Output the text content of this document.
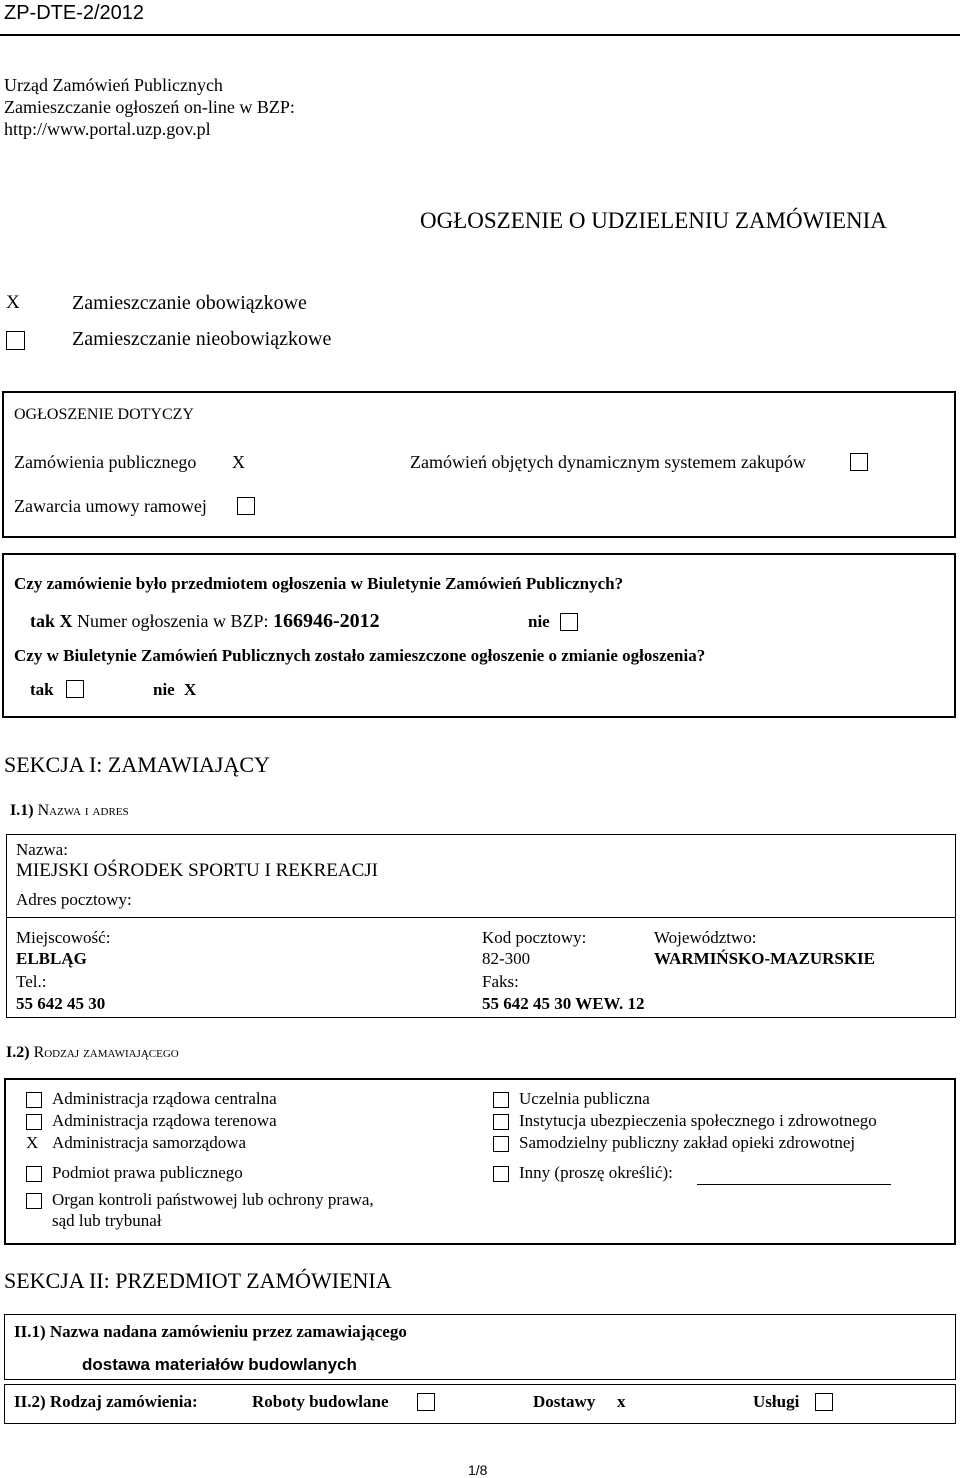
ZP-DTE-2/2012
Urząd Zamówień Publicznych
Zamieszczanie ogłoszeń on-line w BZP:
http://www.portal.uzp.gov.pl
OGŁOSZENIE O UDZIELENIU ZAMÓWIENIA
X	Zamieszczanie obowiązkowe
Zamieszczanie nieobowiązkowe
OGŁOSZENIE DOTYCZY
Zamówienia publicznego X	Zamówień objętych dynamicznym systemem zakupów
Zawarcia umowy ramowej
Czy zamówienie było przedmiotem ogłoszenia w Biuletynie Zamówień Publicznych?
tak X Numer ogłoszenia w BZP: 166946-2012	nie
Czy w Biuletynie Zamówień Publicznych zostało zamieszczone ogłoszenie o zmianie ogłoszenia?
tak	nie X
SEKCJA I: ZAMAWIAJĄCY
I.1) Nazwa i adres
Nazwa:
MIEJSKI OŚRODEK SPORTU I REKREACJI
Adres pocztowy:
Miejscowość:
ELBLĄG
Tel.:
55 642 45 30
Kod pocztowy:
82-300
Faks:
55 642 45 30 WEW. 12
Województwo:
WARMIŃSKO-MAZURSKIE
I.2) Rodzaj zamawiającego
Administracja rządowa centralna
Administracja rządowa terenowa
X Administracja samorządowa
Podmiot prawa publicznego
Organ kontroli państwowej lub ochrony prawa,
sąd lub trybunał
Uczelnia publiczna
Instytucja ubezpieczenia społecznego i zdrowotnego
Samodzielny publiczny zakład opieki zdrowotnej
Inny (proszę określić):
SEKCJA II: PRZEDMIOT ZAMÓWIENIA
II.1) Nazwa nadana zamówieniu przez zamawiającego
dostawa materiałów budowlanych
II.2) Rodzaj zamówienia:	Roboty budowlane	Dostawy x	Usługi
1/8
